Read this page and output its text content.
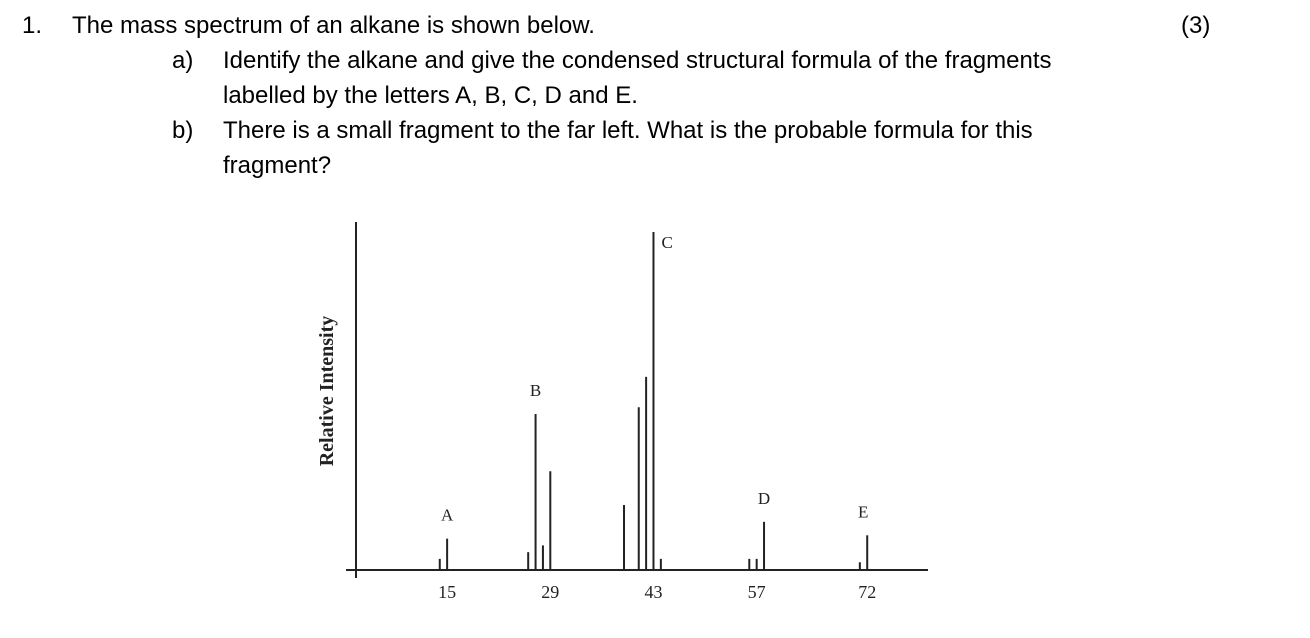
1. The mass spectrum of an alkane is shown below.	(3)
a) Identify the alkane and give the condensed structural formula of the fragments
labelled by the letters A, B, C, D and E.
b) There is a small fragment to the far left. What is the probable formula for this
fragment?
Relative Intensity
15	29	43	57	72
A
B
C
D
E
